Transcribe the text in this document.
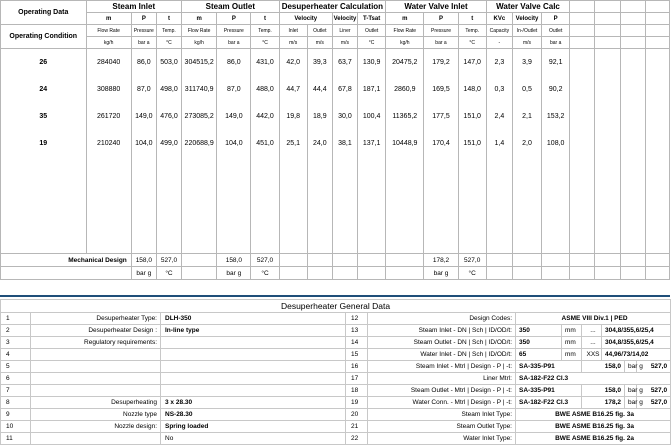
Operating Data	Steam Inlet			Steam Outlet			Desuperheater Calculation				Water Valve Inlet			Water Valve Calc						
	m	P	t	m	P	t	Velocity		Velocity	T-Tsat	m	P	t	KVc	Velocity	P				
Operating Condition	Flow Rate	Pressure	Temp.	Flow Rate	Pressure	Temp.	Inlet	Outlet	Liner	Outlet	Flow Rate	Pressure	Temp.	Capacity	In-/Outlet	Outlet				
	kg/h	bar a	°C	kg/h	bar a	°C	m/s	m/s	m/s	°C	kg/h	bar a	°C	-	m/s	bar a				
26	284040	86,0	503,0	304515,2	86,0	431,0	42,0	39,3	63,7	130,9	20475,2	179,2	147,0	2,3	3,9	92,1				
24	308880	87,0	498,0	311740,9	87,0	488,0	44,7	44,4	67,8	187,1	2860,9	169,5	148,0	0,3	0,5	90,2				
35	261720	149,0	476,0	273085,2	149,0	442,0	19,8	18,9	30,0	100,4	11365,2	177,5	151,0	2,4	2,1	153,2				
19	210240	104,0	499,0	220688,9	104,0	451,0	25,1	24,0	38,1	137,1	10448,9	170,4	151,0	1,4	2,0	108,0				

Mechanical Design		158,0	527,0		158,0	527,0						178,2	527,0							
		bar g	°C		bar g	°C						bar g	°C							
Desuperheater General Data											
1	Desuperheater Type:	DLH-350	12	Design Codes:	ASME VIII Div.1 | PED						
2	Desuperheater Design :	In-line type	13	Steam Inlet - DN | Sch | ID/OD/t:	350	mm	...	304,8/355,6/25,4			
3	Regulatory requirements:		14	Steam Outlet - DN | Sch | ID/OD/t:	350	mm	...	304,8/355,6/25,4			
4			15	Water Inlet - DN | Sch | ID/OD/t:	65	mm	XXS	44,96/73/14,02			
5			16	Steam Inlet - Mtrl | Design - P | -t:	SA-335-P91		158,0		bar g	527,0	
6			17	Liner Mtrl:	SA-182-F22 Cl.3						
7			18	Steam Outlet - Mtrl | Design - P | -t:	SA-335-P91		158,0		bar g	527,0	
8	Desuperheating	3 x 28.30	19	Water Conn. - Mtrl | Design - P | -t:	SA-182-F22 Cl.3		178,2		bar g	527,0	
9	Nozzle type	NS-28.30	20	Steam Inlet Type:	BWE ASME B16.25 fig. 3a						
10	Nozzle design:	Spring loaded	21	Steam Outlet Type:	BWE ASME B16.25 fig. 3a						
11		No	22	Water Inlet Type:	BWE ASME B16.25 fig. 2a						
